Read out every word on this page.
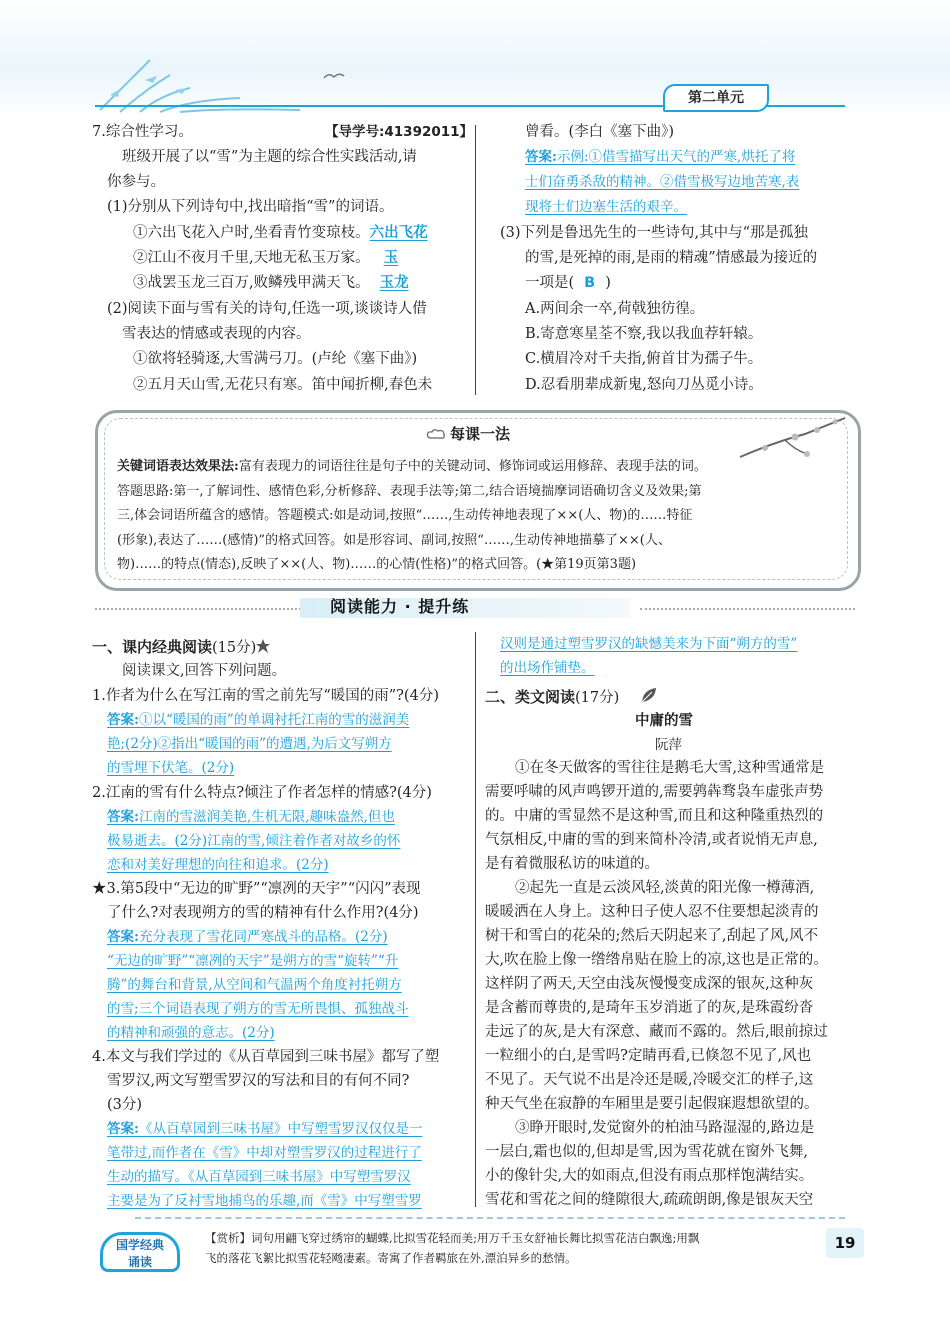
第二单元
7.综合性学习。	【导学号:41392011】
班级开展了以“雪”为主题的综合性实践活动,请
你参与。
(1)分别从下列诗句中,找出暗指“雪”的词语。
①六出飞花入户时,坐看青竹变琼枝。六出飞花
②江山不夜月千里,天地无私玉万家。 玉
③战罢玉龙三百万,败鳞残甲满天飞。 玉龙
(2)阅读下面与雪有关的诗句,任选一项,谈谈诗人借
雪表达的情感或表现的内容。
①欲将轻骑逐,大雪满弓刀。(卢纶《塞下曲》)
②五月天山雪,无花只有寒。笛中闻折柳,春色未
曾看。(李白《塞下曲》)
答案:示例:①借雪描写出天气的严寒,烘托了将
士们奋勇杀敌的精神。②借雪极写边地苦寒,表
现将士们边塞生活的艰辛。
(3)下列是鲁迅先生的一些诗句,其中与“那是孤独
的雪,是死掉的雨,是雨的精魂”情感最为接近的
一项是( B )
A.两间余一卒,荷戟独彷徨。
B.寄意寒星荃不察,我以我血荐轩辕。
C.横眉冷对千夫指,俯首甘为孺子牛。
D.忍看朋辈成新鬼,怒向刀丛觅小诗。
每课一法
关键词语表达效果法:富有表现力的词语往往是句子中的关键动词、修饰词或运用修辞、表现手法的词。
答题思路:第一,了解词性、感情色彩,分析修辞、表现手法等;第二,结合语境揣摩词语确切含义及效果;第
三,体会词语所蕴含的感情。答题模式:如是动词,按照“……,生动传神地表现了××(人、物)的……特征
(形象),表达了……(感情)”的格式回答。如是形容词、副词,按照“……,生动传神地描摹了××(人、
物)……的特点(情态),反映了××(人、物)……的心情(性格)”的格式回答。(★第19页第3题)
阅读能力 · 提升练
一、课内经典阅读(15分)
阅读课文,回答下列问题。
1.作者为什么在写江南的雪之前先写“暖国的雨”?(4分)
答案:①以“暖国的雨”的单调衬托江南的雪的滋润美
艳;(2分)②指出“暖国的雨”的遭遇,为后文写朔方
的雪埋下伏笔。(2分)
2.江南的雪有什么特点?倾注了作者怎样的情感?(4分)
答案:江南的雪滋润美艳,生机无限,趣味盎然,但也
极易逝去。(2分)江南的雪,倾注着作者对故乡的怀
恋和对美好理想的向往和追求。(2分)
★3.第5段中“无边的旷野”“凛冽的天宇”“闪闪”表现
了什么?对表现朔方的雪的精神有什么作用?(4分)
答案:充分表现了雪花同严寒战斗的品格。(2分)
“无边的旷野”“凛冽的天宇”是朔方的雪“旋转”“升
腾”的舞台和背景,从空间和气温两个角度衬托朔方
的雪;三个词语表现了朔方的雪无所畏惧、孤独战斗
的精神和顽强的意志。(2分)
4.本文与我们学过的《从百草园到三味书屋》都写了塑
雪罗汉,两文写塑雪罗汉的写法和目的有何不同?
(3分)
答案:《从百草园到三味书屋》中写塑雪罗汉仅仅是一
笔带过,而作者在《雪》中却对塑雪罗汉的过程进行了
生动的描写。《从百草园到三味书屋》中写塑雪罗汉
主要是为了反衬雪地捕鸟的乐趣,而《雪》中写塑雪罗
汉则是通过塑雪罗汉的缺憾美来为下面“朔方的雪”
的出场作铺垫。
二、类文阅读(17分)
中庸的雪
阮萍
①在冬天做客的雪往往是鹅毛大雪,这种雪通常是
需要呼啸的风声鸣锣开道的,需要鹑犇骛袅车虚张声势
的。中庸的雪显然不是这种雪,而且和这种隆重热烈的
气氛相反,中庸的雪的到来简朴冷清,或者说悄无声息,
是有着微服私访的味道的。
②起先一直是云淡风轻,淡黄的阳光像一樽薄酒,
暖暖洒在人身上。这种日子使人忍不住要想起淡青的
树干和雪白的花朵的;然后天阴起来了,刮起了风,风不
大,吹在脸上像一绺绺帛贴在脸上的凉,这也是正常的。
这样阴了两天,天空由浅灰慢慢变成深的银灰,这种灰
是含蓄而尊贵的,是琦年玉岁消逝了的灰,是珠霞纷沓
走远了的灰,是大有深意、藏而不露的。然后,眼前掠过
一粒细小的白,是雪吗?定睛再看,已倏忽不见了,风也
不见了。天气说不出是冷还是暖,冷暖交汇的样子,这
种天气坐在寂静的车厢里是要引起假寐遐想欲望的。
③睁开眼时,发觉窗外的柏油马路湿湿的,路边是
一层白,霜也似的,但却是雪,因为雪花就在窗外飞舞,
小的像针尖,大的如雨点,但没有雨点那样饱满结实。
雪花和雪花之间的缝隙很大,疏疏朗朗,像是银灰天空
国学经典
诵读
【赏析】词句用翩飞穿过绣帘的蝴蝶,比拟雪花轻而美;用万千玉女舒袖长舞比拟雪花洁白飘逸;用飘
飞的落花飞絮比拟雪花轻飏凄素。寄寓了作者羁旅在外,漂泊异乡的愁情。
19
